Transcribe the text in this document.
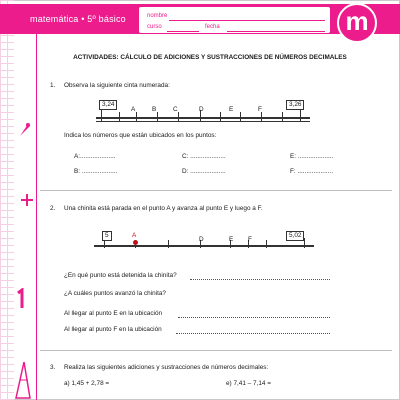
matemática • 5º básico	nombre
curso	fecha	m
ACTIVIDADES: CÁLCULO DE ADICIONES Y SUSTRACCIONES DE NÚMEROS DECIMALES
1. Observa la siguiente cinta numerada:
3,24	3,26
A	B	C	D	E	F
Indica los números que están ubicados en los puntos:
A:....................	C: ....................	E: ....................
B: ....................	D: ....................	F: ....................
2. Una chinita está parada en el punto A y avanza al punto E y luego a F.
5	5,02
A
D	E F
¿En qué punto está detenida la chinita?
¿A cuáles puntos avanzó la chinita?
Al llegar al punto E en la ubicación
Al llegar al punto F en la ubicación
3. Realiza las siguientes adiciones y sustracciones de números decimales:
a) 1,45 + 2,78 =	e) 7,41 – 7,14 =
